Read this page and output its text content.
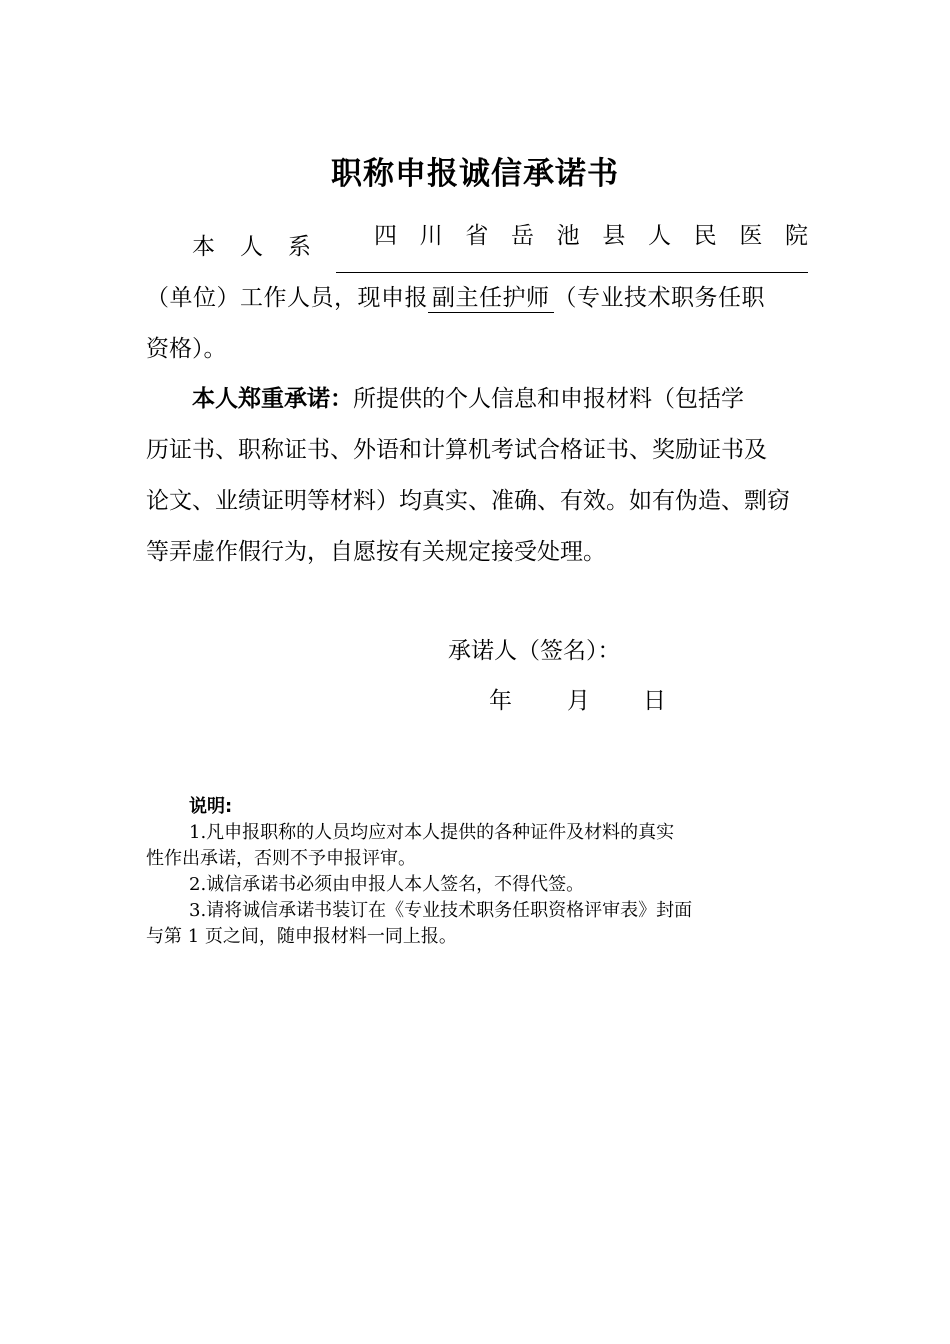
职称申报诚信承诺书
本人系	四川省岳池县人民医院
（单位）工作人员，现申报 副主任护师 （专业技术职务任职
资格）。
本人郑重承诺：所提供的个人信息和申报材料（包括学
历证书、职称证书、外语和计算机考试合格证书、奖励证书及
论文、业绩证明等材料）均真实、准确、有效。如有伪造、剽窃
等弄虚作假行为，自愿按有关规定接受处理。
承诺人（签名）：
年 月 日
说明:
1.凡申报职称的人员均应对本人提供的各种证件及材料的真实
性作出承诺，否则不予申报评审。
2.诚信承诺书必须由申报人本人签名，不得代签。
3.请将诚信承诺书装订在《专业技术职务任职资格评审表》封面
与第 1 页之间，随申报材料一同上报。
